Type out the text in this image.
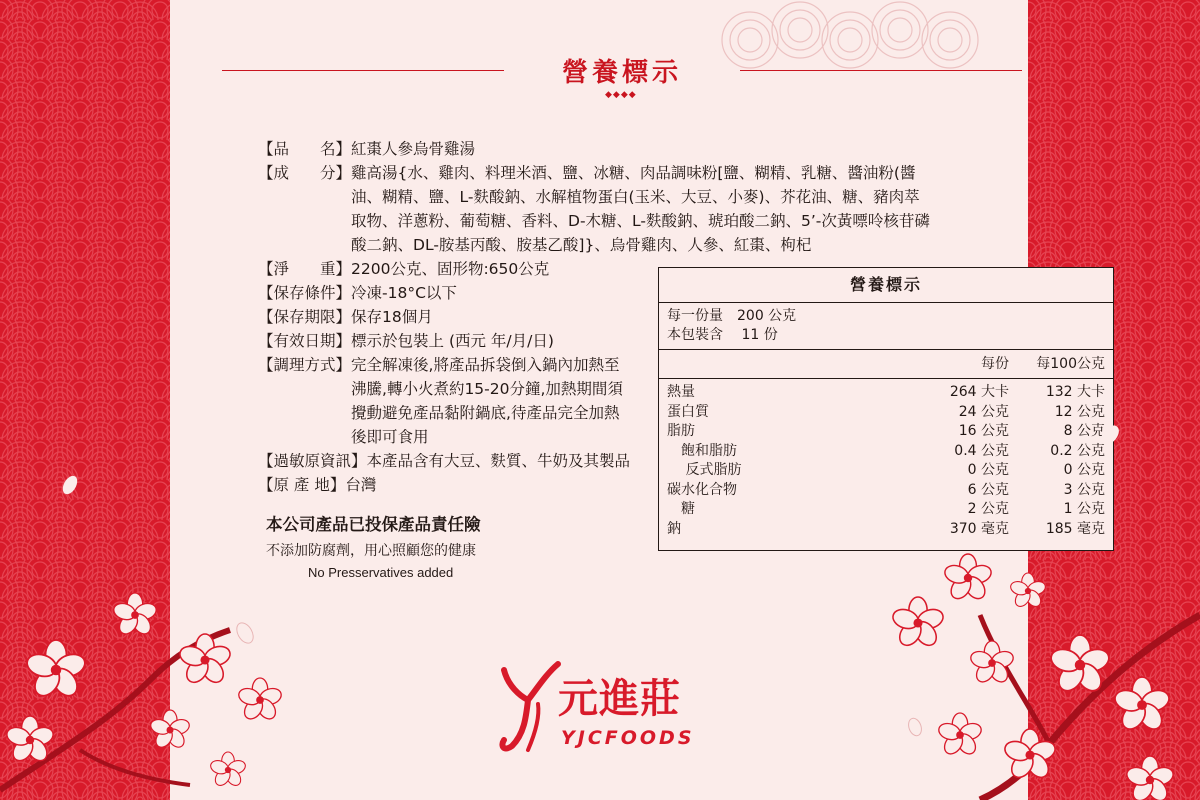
營養標示
◆◆◆◆
【品　　名】 紅棗人參烏骨雞湯
【成　　分】 雞高湯{水、雞肉、料理米酒、鹽、冰糖、肉品調味粉[鹽、糊精、乳糖、醬油粉(醬油、糊精、鹽、L-麩酸鈉、水解植物蛋白(玉米、大豆、小麥)、芥花油、糖、豬肉萃取物、洋蔥粉、葡萄糖、香料、D-木糖、L-麩酸鈉、琥珀酸二鈉、5’-次黃嘌呤核苷磷酸二鈉、DL-胺基丙酸、胺基乙酸]}、烏骨雞肉、人參、紅棗、枸杞
【淨　　重】 2200公克、固形物:650公克
【保存條件】 冷凍-18°C以下
【保存期限】 保存18個月
【有效日期】 標示於包裝上 (西元 年/月/日)
【調理方式】 完全解凍後,將產品拆袋倒入鍋內加熱至沸騰,轉小火煮約15-20分鐘,加熱期間須攪動避免產品黏附鍋底,待產品完全加熱後即可食用
【過敏原資訊】 本產品含有大豆、麩質、牛奶及其製品
【原 產 地】 台灣
本公司產品已投保產品責任險
不添加防腐劑，用心照顧您的健康
No Presservatives added
營養標示
每一份量　200 公克
本包裝含　 11 份
每份	每100公克
熱量	264 大卡	132 大卡
蛋白質	24 公克	12 公克
脂肪	16 公克	8 公克
　飽和脂肪	0.4 公克	0.2 公克
　 反式脂肪	0 公克	0 公克
碳水化合物	6 公克	3 公克
　糖	2 公克	1 公克
鈉	370 毫克	185 毫克
元進莊
YJCFOODS
